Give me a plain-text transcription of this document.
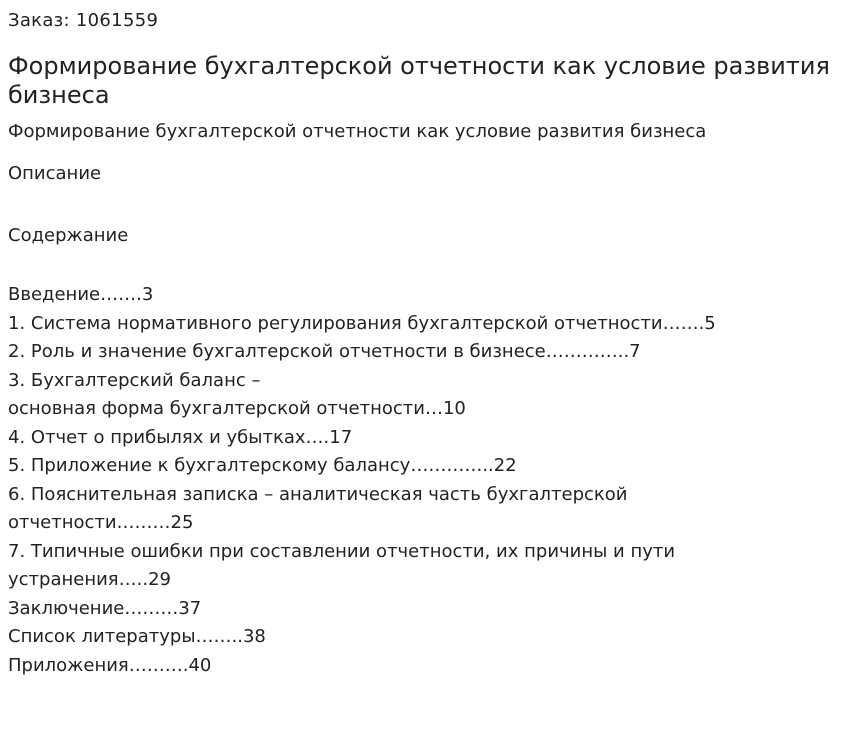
Заказ: 1061559
Формирование бухгалтерской отчетности как условие развития бизнеса
Формирование бухгалтерской отчетности как условие развития бизнеса
Описание
Содержание
Введение…….3
1. Система нормативного регулирования бухгалтерской отчетности…….5
2. Роль и значение бухгалтерской отчетности в бизнесе…………..7
3. Бухгалтерский баланс –
основная форма бухгалтерской отчетности…10
4. Отчет о прибылях и убытках….17
5. Приложение к бухгалтерскому балансу…………..22
6. Пояснительная записка – аналитическая часть бухгалтерской
отчетности………25
7. Типичные ошибки при составлении отчетности, их причины и пути
устранения…..29
Заключение………37
Список литературы……..38
Приложения……….40
